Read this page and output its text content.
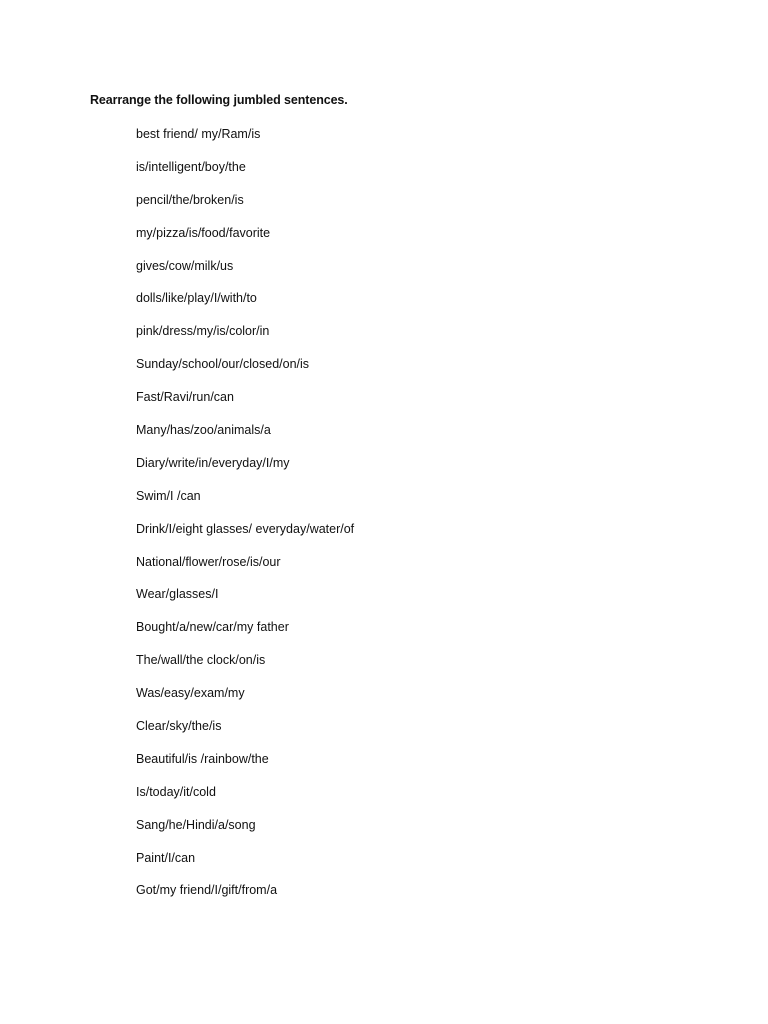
Rearrange the following jumbled sentences.
best friend/ my/Ram/is
is/intelligent/boy/the
pencil/the/broken/is
my/pizza/is/food/favorite
gives/cow/milk/us
dolls/like/play/I/with/to
pink/dress/my/is/color/in
Sunday/school/our/closed/on/is
Fast/Ravi/run/can
Many/has/zoo/animals/a
Diary/write/in/everyday/I/my
Swim/I /can
Drink/I/eight glasses/ everyday/water/of
National/flower/rose/is/our
Wear/glasses/I
Bought/a/new/car/my father
The/wall/the clock/on/is
Was/easy/exam/my
Clear/sky/the/is
Beautiful/is /rainbow/the
Is/today/it/cold
Sang/he/Hindi/a/song
Paint/I/can
Got/my friend/I/gift/from/a
